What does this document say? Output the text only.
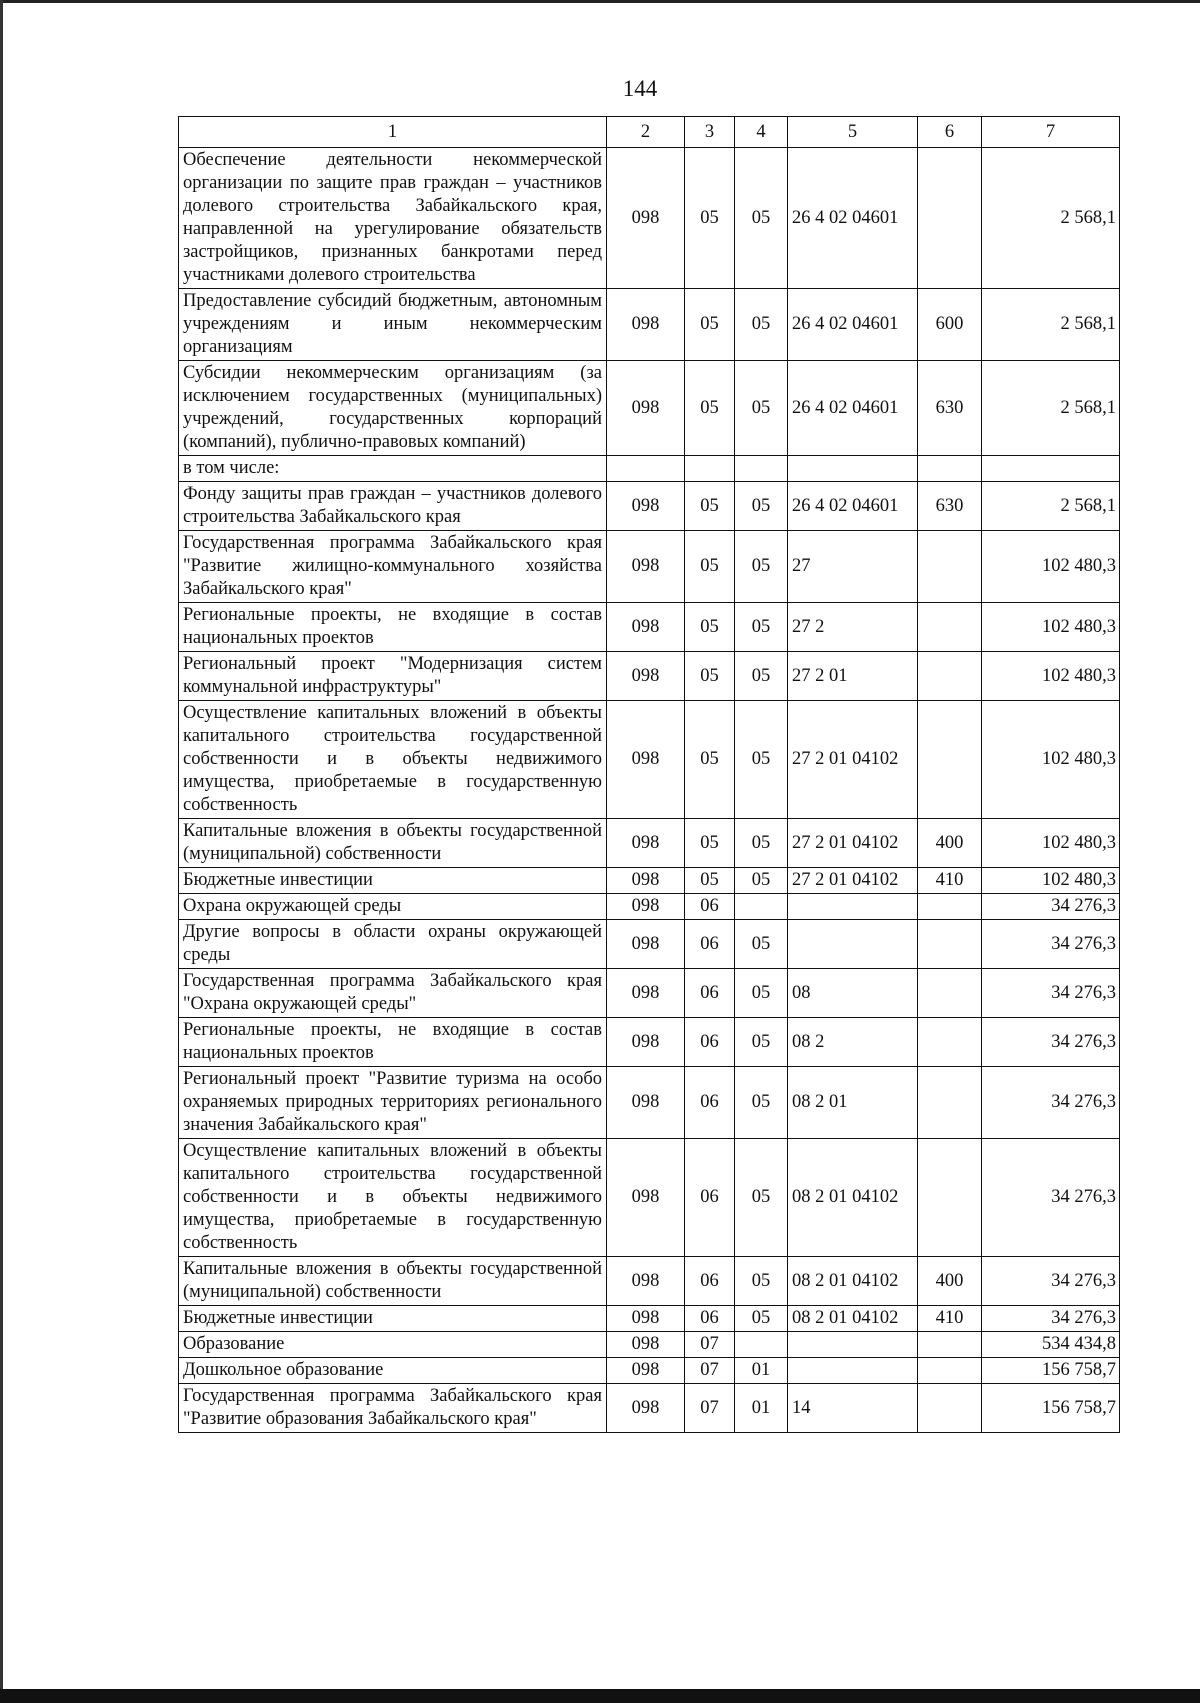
144
1	2	3	4	5	6	7
Обеспечение деятельности некоммерческой организации по защите прав граждан – участников долевого строительства Забайкальского края, направленной на урегулирование обязательств застройщиков, признанных банкротами перед участниками долевого строительства	098	05	05	26 4 02 04601		2 568,1
Предоставление субсидий бюджетным, автономным учреждениям и иным некоммерческим организациям	098	05	05	26 4 02 04601	600	2 568,1
Субсидии некоммерческим организациям (за исключением государственных (муниципальных) учреждений, государственных корпораций (компаний), публично-правовых компаний)	098	05	05	26 4 02 04601	630	2 568,1
в том числе:						
Фонду защиты прав граждан – участников долевого строительства Забайкальского края	098	05	05	26 4 02 04601	630	2 568,1
Государственная программа Забайкальского края "Развитие жилищно-коммунального хозяйства Забайкальского края"	098	05	05	27		102 480,3
Региональные проекты, не входящие в состав национальных проектов	098	05	05	27 2		102 480,3
Региональный проект "Модернизация систем коммунальной инфраструктуры"	098	05	05	27 2 01		102 480,3
Осуществление капитальных вложений в объекты капитального строительства государственной собственности и в объекты недвижимого имущества, приобретаемые в государственную собственность	098	05	05	27 2 01 04102		102 480,3
Капитальные вложения в объекты государственной (муниципальной) собственности	098	05	05	27 2 01 04102	400	102 480,3
Бюджетные инвестиции	098	05	05	27 2 01 04102	410	102 480,3
Охрана окружающей среды	098	06				34 276,3
Другие вопросы в области охраны окружающей среды	098	06	05			34 276,3
Государственная программа Забайкальского края "Охрана окружающей среды"	098	06	05	08		34 276,3
Региональные проекты, не входящие в состав национальных проектов	098	06	05	08 2		34 276,3
Региональный проект "Развитие туризма на особо охраняемых природных территориях регионального значения Забайкальского края"	098	06	05	08 2 01		34 276,3
Осуществление капитальных вложений в объекты капитального строительства государственной собственности и в объекты недвижимого имущества, приобретаемые в государственную собственность	098	06	05	08 2 01 04102		34 276,3
Капитальные вложения в объекты государственной (муниципальной) собственности	098	06	05	08 2 01 04102	400	34 276,3
Бюджетные инвестиции	098	06	05	08 2 01 04102	410	34 276,3
Образование	098	07				534 434,8
Дошкольное образование	098	07	01			156 758,7
Государственная программа Забайкальского края "Развитие образования Забайкальского края"	098	07	01	14		156 758,7
